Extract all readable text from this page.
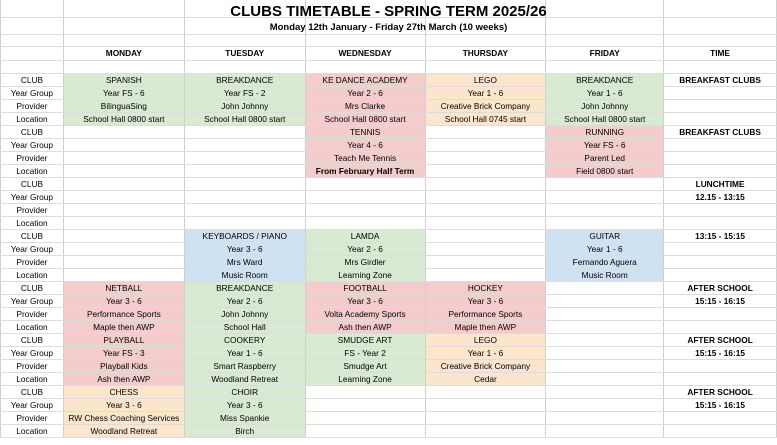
	MONDAY	TUESDAY	WEDNESDAY	THURSDAY	FRIDAY	TIME

CLUB	SPANISH	BREAKDANCE	KE DANCE ACADEMY	LEGO	BREAKDANCE	BREAKFAST CLUBS
Year Group	Year FS - 6	Year FS - 2	Year 2 - 6	Year 1 - 6	Year 1 - 6	
Provider	BilinguaSing	John Johnny	Mrs Clarke	Creative Brick Company	John Johnny	
Location	School Hall 0800 start	School Hall 0800 start	School Hall 0800 start	School Hall 0745 start	School Hall 0800 start	
CLUB			TENNIS		RUNNING	BREAKFAST CLUBS
Year Group			Year 4 - 6		Year FS - 6	
Provider			Teach Me Tennis		Parent Led	
Location			From February Half Term		Field 0800 start	
CLUB						LUNCHTIME
Year Group						12.15 - 13:15
Provider						
Location						
CLUB		KEYBOARDS / PIANO	LAMDA		GUITAR	13:15 - 15:15
Year Group		Year 3 - 6	Year 2 - 6		Year 1 - 6	
Provider		Mrs Ward	Mrs Girdler		Fernando Aguera	
Location		Music Room	Learning Zone		Music Room	
CLUB	NETBALL	BREAKDANCE	FOOTBALL	HOCKEY		AFTER SCHOOL
Year Group	Year 3 - 6	Year 2 - 6	Year 3 - 6	Year 3 - 6		15:15 - 16:15
Provider	Performance Sports	John Johnny	Volta Academy Sports	Performance Sports		
Location	Maple then AWP	School Hall	Ash then AWP	Maple then AWP		
CLUB	PLAYBALL	COOKERY	SMUDGE ART	LEGO		AFTER SCHOOL
Year Group	Year FS - 3	Year 1 - 6	FS - Year 2	Year 1 - 6		15:15 - 16:15
Provider	Playball Kids	Smart Raspberry	Smudge Art	Creative Brick Company		
Location	Ash then AWP	Woodland Retreat	Learning Zone	Cedar		
CLUB	CHESS	CHOIR				AFTER SCHOOL
Year Group	Year 3 - 6	Year 3 - 6				15:15 - 16:15
Provider	RW Chess Coaching Services	Miss Spankie				
Location	Woodland Retreat	Birch				
CLUBS TIMETABLE - SPRING TERM 2025/26
Monday 12th January - Friday 27th March (10 weeks)
